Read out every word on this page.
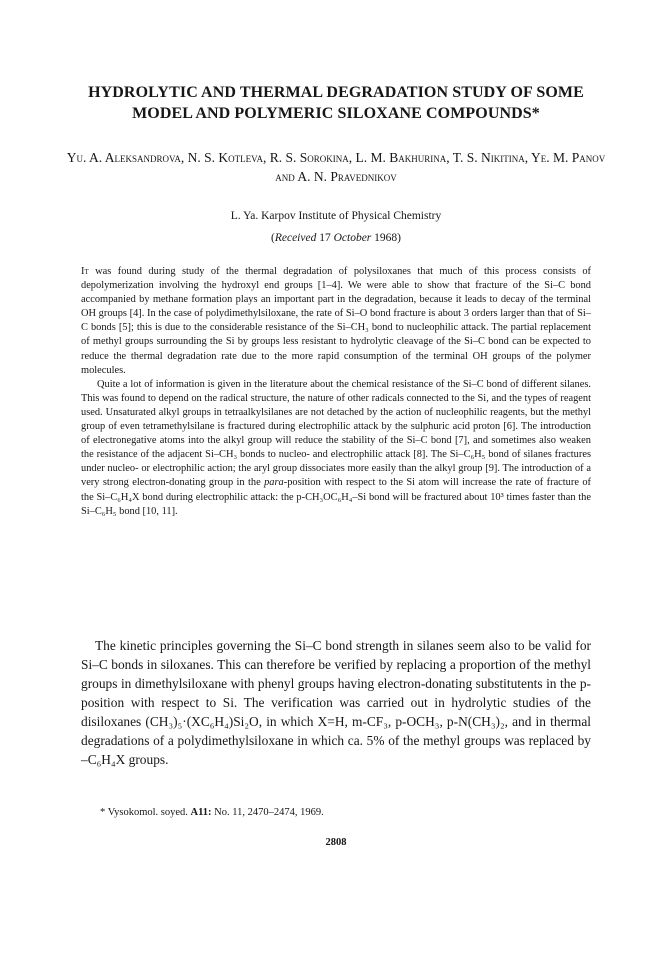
HYDROLYTIC AND THERMAL DEGRADATION STUDY OF SOME MODEL AND POLYMERIC SILOXANE COMPOUNDS*

Yu. A. Aleksandrova, N. S. Kotleva, R. S. Sorokina, L. M. Bakhurina, T. S. Nikitina, Ye. M. Panov and A. N. Pravednikov

L. Ya. Karpov Institute of Physical Chemistry

(Received 17 October 1968)

It was found during study of the thermal degradation of polysiloxanes that much of this process consists of depolymerization involving the hydroxyl end groups [1–4]. We were able to show that fracture of the Si–C bond accompanied by methane formation plays an important part in the degradation, because it leads to decay of the terminal OH groups [4]. In the case of polydimethylsiloxane, the rate of Si–O bond fracture is about 3 orders larger than that of Si–C bonds [5]; this is due to the considerable resistance of the Si–CH₃ bond to nucleophilic attack. The partial replacement of methyl groups surrounding the Si by groups less resistant to hydrolytic cleavage of the Si–C bond can be expected to reduce the thermal degradation rate due to the more rapid consumption of the terminal OH groups of the polymer molecules.

Quite a lot of information is given in the literature about the chemical resistance of the Si–C bond of different silanes. This was found to depend on the radical structure, the nature of other radicals connected to the Si, and the types of reagent used. Unsaturated alkyl groups in tetraalkylsilanes are not detached by the action of nucleophilic reagents, but the methyl group of even tetramethylsilane is fractured during electrophilic attack by the sulphuric acid proton [6]. The introduction of electronegative atoms into the alkyl group will reduce the stability of the Si–C bond [7], and sometimes also weaken the resistance of the adjacent Si–CH₃ bonds to nucleo- and electrophilic attack [8]. The Si–C₆H₅ bond of silanes fractures under nucleo- or electrophilic action; the aryl group dissociates more easily than the alkyl group [9]. The introduction of a very strong electron-donating group in the para-position with respect to the Si atom will increase the rate of fracture of the Si–C₆H₄X bond during electrophilic attack: the p-CH₃OC₆H₄–Si bond will be fractured about 10³ times faster than the Si–C₆H₅ bond [10, 11].

The kinetic principles governing the Si–C bond strength in silanes seem also to be valid for Si–C bonds in siloxanes. This can therefore be verified by replacing a proportion of the methyl groups in dimethylsiloxane with phenyl groups having electron-donating substitutents in the p-position with respect to Si. The verification was carried out in hydrolytic studies of the disiloxanes (CH₃)₅·(XC₆H₄)Si₂O, in which X=H, m-CF₃, p-OCH₃, p-N(CH₃)₂, and in thermal degradations of a polydimethylsiloxane in which ca. 5% of the methyl groups was replaced by –C₆H₄X groups.

* Vysokomol. soyed. A11: No. 11, 2470–2474, 1969.

2808
